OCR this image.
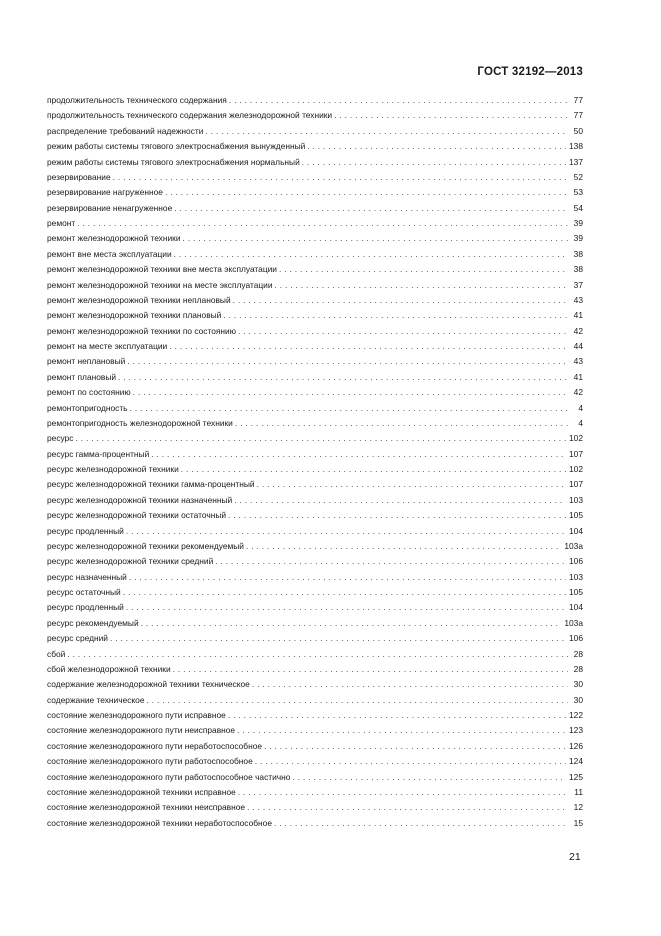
ГОСТ 32192—2013
продолжительность технического содержания . . .	77
продолжительность технического содержания железнодорожной техники . . .	77
распределение требований надежности . . .	50
режим работы системы тягового электроснабжения вынужденный . . .	138
режим работы системы тягового электроснабжения нормальный . . .	137
резервирование . . .	52
резервирование нагруженное . . .	53
резервирование ненагруженное . . .	54
ремонт . . .	39
ремонт железнодорожной техники . . .	39
ремонт вне места эксплуатации . . .	38
ремонт железнодорожной техники вне места эксплуатации . . .	38
ремонт железнодорожной техники на месте эксплуатации . . .	37
ремонт железнодорожной техники неплановый . . .	43
ремонт железнодорожной техники плановый . . .	41
ремонт железнодорожной техники по состоянию . . .	42
ремонт на месте эксплуатации . . .	44
ремонт неплановый . . .	43
ремонт плановый . . .	41
ремонт по состоянию . . .	42
ремонтопригодность . . .	4
ремонтопригодность железнодорожной техники . . .	4
ресурс . . .	102
ресурс гамма-процентный . . .	107
ресурс железнодорожной техники . . .	102
ресурс железнодорожной техники гамма-процентный . . .	107
ресурс железнодорожной техники назначенный . . .	103
ресурс железнодорожной техники остаточный . . .	105
ресурс продленный . . .	104
ресурс железнодорожной техники рекомендуемый . . .	103а
ресурс железнодорожной техники средний . . .	106
ресурс назначенный . . .	103
ресурс остаточный . . .	105
ресурс продленный . . .	104
ресурс рекомендуемый . . .	103а
ресурс средний . . .	106
сбой . . .	28
сбой железнодорожной техники . . .	28
содержание железнодорожной техники техническое . . .	30
содержание техническое . . .	30
состояние железнодорожного пути исправное . . .	122
состояние железнодорожного пути неисправное . . .	123
состояние железнодорожного пути неработоспособное . . .	126
состояние железнодорожного пути работоспособное . . .	124
состояние железнодорожного пути работоспособное частично . . .	125
состояние железнодорожной техники исправное . . .	11
состояние железнодорожной техники неисправное . . .	12
состояние железнодорожной техники неработоспособное . . .	15
21
